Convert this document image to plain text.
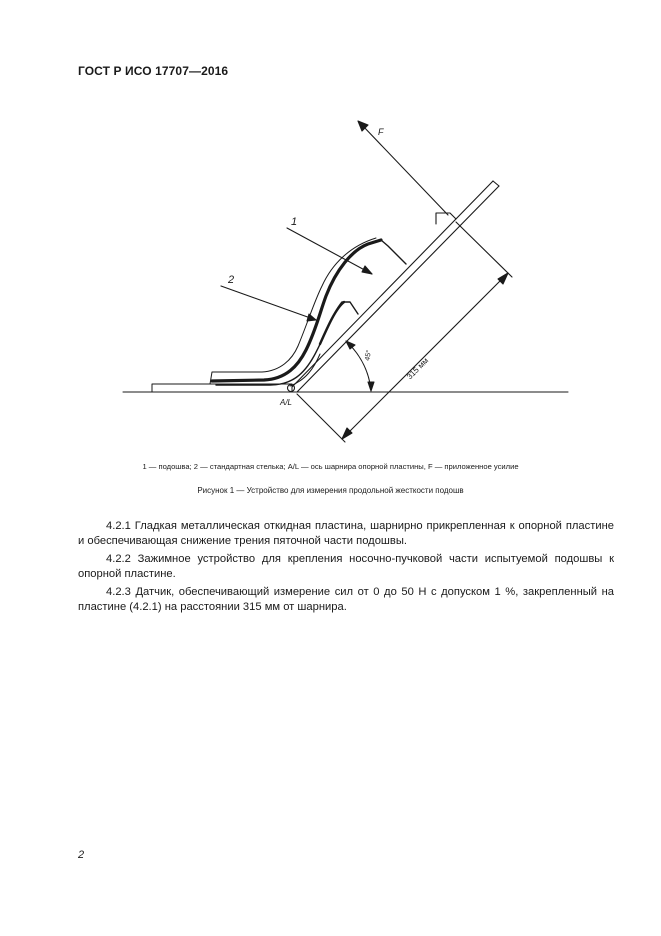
ГОСТ Р ИСО 17707—2016
F
1
2
45°
315 мм
A/L
1 — подошва; 2 — стандартная стелька; A/L — ось шарнира опорной пластины, F — приложенное усилие
Рисунок 1 — Устройство для измерения продольной жесткости подошв

4.2.1 Гладкая металлическая откидная пластина, шарнирно прикрепленная к опорной пластине и обеспечивающая снижение трения пяточной части подошвы.

4.2.2 Зажимное устройство для крепления носочно-пучковой части испытуемой подошвы к опорной пластине.

4.2.3 Датчик, обеспечивающий измерение сил от 0 до 50 Н с допуском 1 %, закрепленный на пластине (4.2.1) на расстоянии 315 мм от шарнира.

2
